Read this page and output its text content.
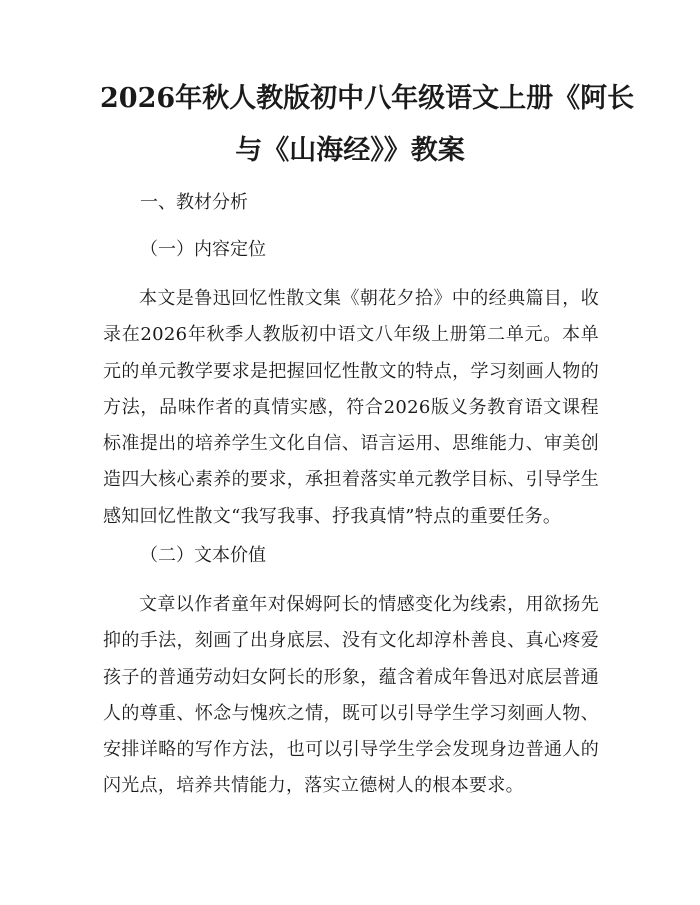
2026年秋人教版初中八年级语文上册《阿长
与《山海经》》教案
一、教材分析
（一）内容定位
本文是鲁迅回忆性散文集《朝花夕拾》中的经典篇目，收录在2026年秋季人教版初中语文八年级上册第二单元。本单元的单元教学要求是把握回忆性散文的特点，学习刻画人物的方法，品味作者的真情实感，符合2026版义务教育语文课程标准提出的培养学生文化自信、语言运用、思维能力、审美创造四大核心素养的要求，承担着落实单元教学目标、引导学生感知回忆性散文“我写我事、抒我真情”特点的重要任务。
（二）文本价值
文章以作者童年对保姆阿长的情感变化为线索，用欲扬先抑的手法，刻画了出身底层、没有文化却淳朴善良、真心疼爱孩子的普通劳动妇女阿长的形象，蕴含着成年鲁迅对底层普通人的尊重、怀念与愧疚之情，既可以引导学生学习刻画人物、安排详略的写作方法，也可以引导学生学会发现身边普通人的闪光点，培养共情能力，落实立德树人的根本要求。
